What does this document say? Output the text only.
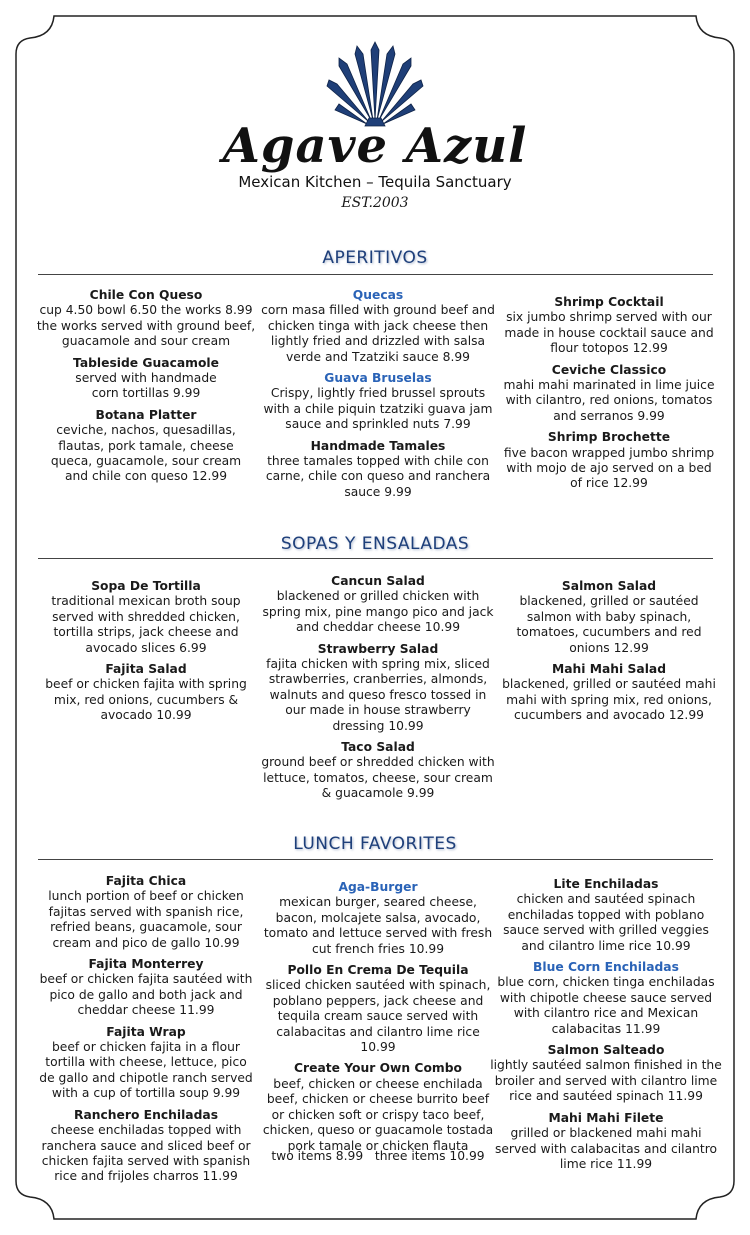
Agave Azul
Mexican Kitchen – Tequila Sanctuary
EST.2003
APERITIVOS
Chile Con Queso
cup 4.50 bowl 6.50 the works 8.99 the works served with ground beef, guacamole and sour cream
Tableside Guacamole
served with handmade corn tortillas 9.99
Botana Platter
ceviche, nachos, quesadillas, flautas, pork tamale, cheese queca, guacamole, sour cream and chile con queso 12.99
Quecas
corn masa filled with ground beef and chicken tinga with jack cheese then lightly fried and drizzled with salsa verde and Tzatziki sauce 8.99
Guava Bruselas
Crispy, lightly fried brussel sprouts with a chile piquin tzatziki guava jam sauce and sprinkled nuts 7.99
Handmade Tamales
three tamales topped with chile con carne, chile con queso and ranchera sauce 9.99
Shrimp Cocktail
six jumbo shrimp served with our made in house cocktail sauce and flour totopos 12.99
Ceviche Classico
mahi mahi marinated in lime juice with cilantro, red onions, tomatos and serranos 9.99
Shrimp Brochette
five bacon wrapped jumbo shrimp with mojo de ajo served on a bed of rice 12.99
SOPAS Y ENSALADAS
Sopa De Tortilla
traditional mexican broth soup served with shredded chicken, tortilla strips, jack cheese and avocado slices 6.99
Fajita Salad
beef or chicken fajita with spring mix, red onions, cucumbers & avocado 10.99
Cancun Salad
blackened or grilled chicken with spring mix, pine mango pico and jack and cheddar cheese 10.99
Strawberry Salad
fajita chicken with spring mix, sliced strawberries, cranberries, almonds, walnuts and queso fresco tossed in our made in house strawberry dressing 10.99
Taco Salad
ground beef or shredded chicken with lettuce, tomatos, cheese, sour cream & guacamole 9.99
Salmon Salad
blackened, grilled or sautéed salmon with baby spinach, tomatoes, cucumbers and red onions 12.99
Mahi Mahi Salad
blackened, grilled or sautéed mahi mahi with spring mix, red onions, cucumbers and avocado 12.99
LUNCH FAVORITES
Fajita Chica
lunch portion of beef or chicken fajitas served with spanish rice, refried beans, guacamole, sour cream and pico de gallo 10.99
Fajita Monterrey
beef or chicken fajita sautéed with pico de gallo and both jack and cheddar cheese 11.99
Fajita Wrap
beef or chicken fajita in a flour tortilla with cheese, lettuce, pico de gallo and chipotle ranch served with a cup of tortilla soup 9.99
Ranchero Enchiladas
cheese enchiladas topped with ranchera sauce and sliced beef or chicken fajita served with spanish rice and frijoles charros 11.99
Aga-Burger
mexican burger, seared cheese, bacon, molcajete salsa, avocado, tomato and lettuce served with fresh cut french fries 10.99
Pollo En Crema De Tequila
sliced chicken sautéed with spinach, poblano peppers, jack cheese and tequila cream sauce served with calabacitas and cilantro lime rice 10.99
Create Your Own Combo
beef, chicken or cheese enchilada beef, chicken or cheese burrito beef or chicken soft or crispy taco beef, chicken, queso or guacamole tostada pork tamale or chicken flauta
two items 8.99   three items 10.99
Lite Enchiladas
chicken and sautéed spinach enchiladas topped with poblano sauce served with grilled veggies and cilantro lime rice 10.99
Blue Corn Enchiladas
blue corn, chicken tinga enchiladas with chipotle cheese sauce served with cilantro rice and Mexican calabacitas 11.99
Salmon Salteado
lightly sautéed salmon finished in the broiler and served with cilantro lime rice and sautéed spinach 11.99
Mahi Mahi Filete
grilled or blackened mahi mahi served with calabacitas and cilantro lime rice 11.99
